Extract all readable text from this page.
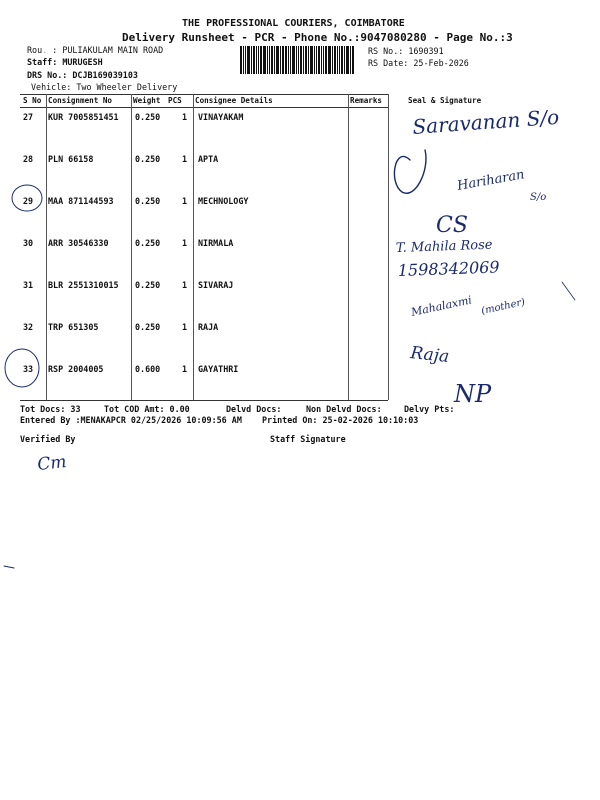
THE PROFESSIONAL COURIERS, COIMBATORE
Delivery Runsheet - PCR - Phone No.:9047080280 - Page No.:3
Rou. : PULIAKULAM MAIN ROAD
Staff: MURUGESH
DRS No.: DCJB169039103
Vehicle: Two Wheeler Delivery
RS No.: 1690391
RS Date: 25-Feb-2026
S No Consignment No	Weight PCS Consignee Details	Remarks	Seal & Signature
27 KUR 7005851451 0.250	1 VINAYAKAM
28 PLN 66158	0.250	1 APTA
29 MAA 871144593	0.250	1 MECHNOLOGY
30 ARR 30546330	0.250	1 NIRMALA
31 BLR 2551310015 0.250	1 SIVARAJ
32 TRP 651305	0.250	1 RAJA
33 RSP 2004005	0.600	1 GAYATHRI
Tot Docs: 33	Tot COD Amt: 0.00	Delvd Docs:	Non Delvd Docs:	Delvy Pts:
Entered By :MENAKAPCR 02/25/2026 10:09:56 AM Printed On: 25-02-2026 10:10:03
Verified By	Staff Signature
Saravanan S/o
Hariharan
S/o
CS
T. Mahila Rose
1598342069
Mahalaxmi (mother)
Raja
NP
Cm
